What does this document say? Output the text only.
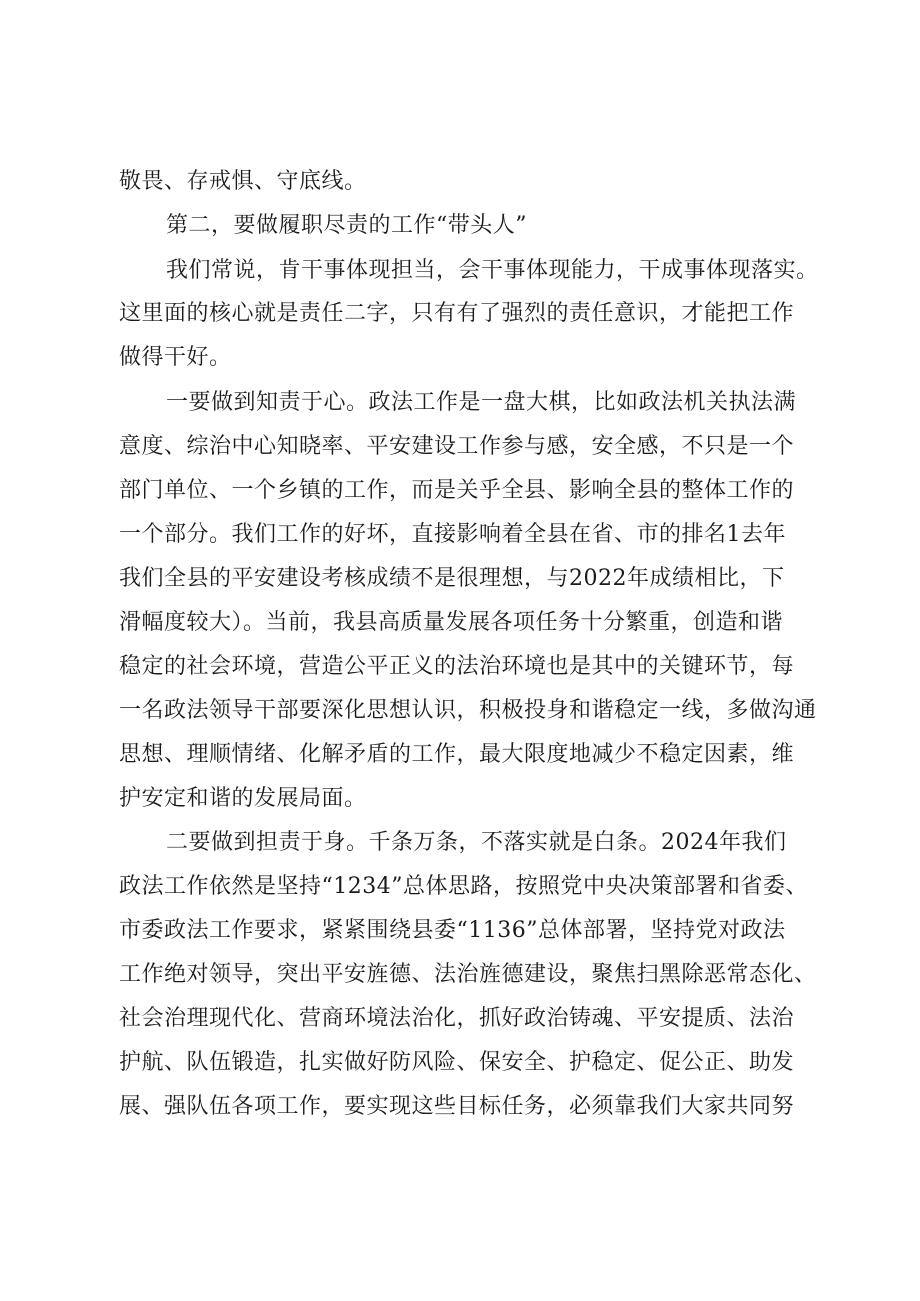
敬畏、存戒惧、守底线。
第二，要做履职尽责的工作“带头人”
我们常说，肯干事体现担当，会干事体现能力，干成事体现落实。
这里面的核心就是责任二字，只有有了强烈的责任意识，才能把工作
做得干好。
一要做到知责于心。政法工作是一盘大棋，比如政法机关执法满
意度、综治中心知晓率、平安建设工作参与感，安全感，不只是一个
部门单位、一个乡镇的工作，而是关乎全县、影响全县的整体工作的
一个部分。我们工作的好坏，直接影响着全县在省、市的排名1去年
我们全县的平安建设考核成绩不是很理想，与2022年成绩相比，下
滑幅度较大）。当前，我县高质量发展各项任务十分繁重，创造和谐
稳定的社会环境，营造公平正义的法治环境也是其中的关键环节，每
一名政法领导干部要深化思想认识，积极投身和谐稳定一线，多做沟通
思想、理顺情绪、化解矛盾的工作，最大限度地减少不稳定因素，维
护安定和谐的发展局面。
二要做到担责于身。千条万条，不落实就是白条。2024年我们
政法工作依然是坚持“1234”总体思路，按照党中央决策部署和省委、
市委政法工作要求，紧紧围绕县委“1136”总体部署，坚持党对政法
工作绝对领导，突出平安旌德、法治旌德建设，聚焦扫黑除恶常态化、
社会治理现代化、营商环境法治化，抓好政治铸魂、平安提质、法治
护航、队伍锻造，扎实做好防风险、保安全、护稳定、促公正、助发
展、强队伍各项工作，要实现这些目标任务，必须靠我们大家共同努
